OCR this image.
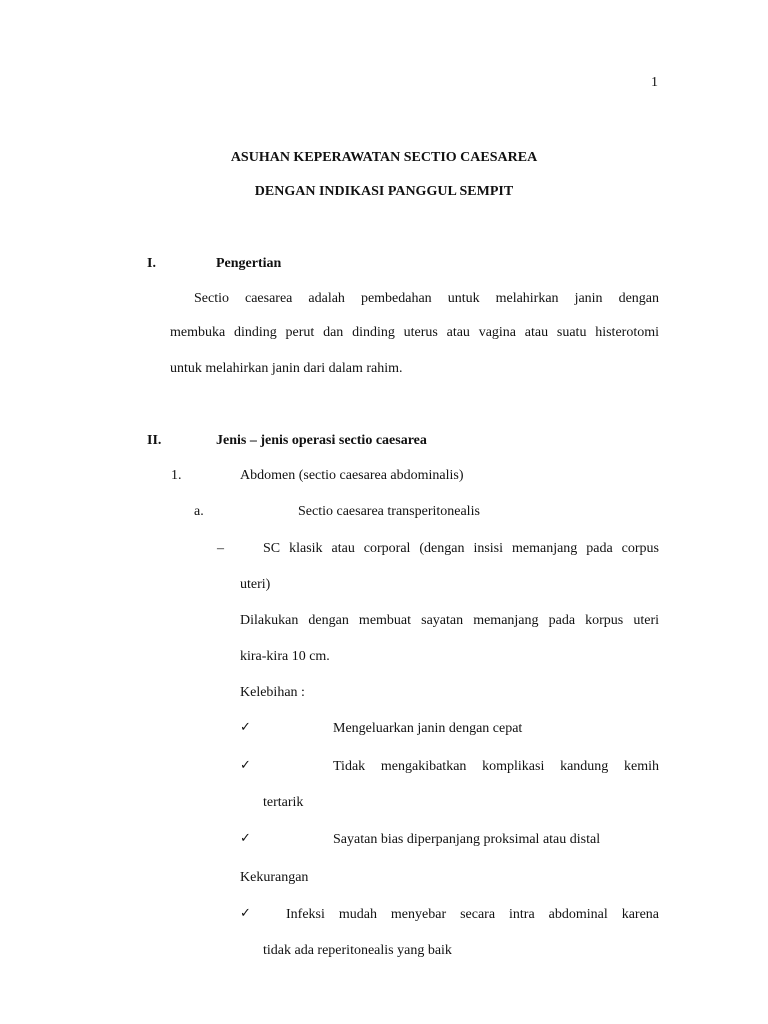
1
ASUHAN KEPERAWATAN SECTIO CAESAREA
DENGAN INDIKASI PANGGUL SEMPIT
I.	Pengertian
Sectio caesarea adalah pembedahan untuk melahirkan janin dengan
membuka dinding perut dan dinding uterus atau vagina atau suatu histerotomi
untuk melahirkan janin dari dalam rahim.
II.	Jenis – jenis operasi sectio caesarea
1.	Abdomen (sectio caesarea abdominalis)
a.	Sectio caesarea transperitonealis
–	SC klasik atau corporal (dengan insisi memanjang pada corpus
uteri)
Dilakukan dengan membuat sayatan memanjang pada korpus uteri
kira-kira 10 cm.
Kelebihan :
✓	Mengeluarkan janin dengan cepat
✓	Tidak mengakibatkan komplikasi kandung kemih
tertarik
✓	Sayatan bias diperpanjang proksimal atau distal
Kekurangan
✓	Infeksi mudah menyebar secara intra abdominal karena
tidak ada reperitonealis yang baik
